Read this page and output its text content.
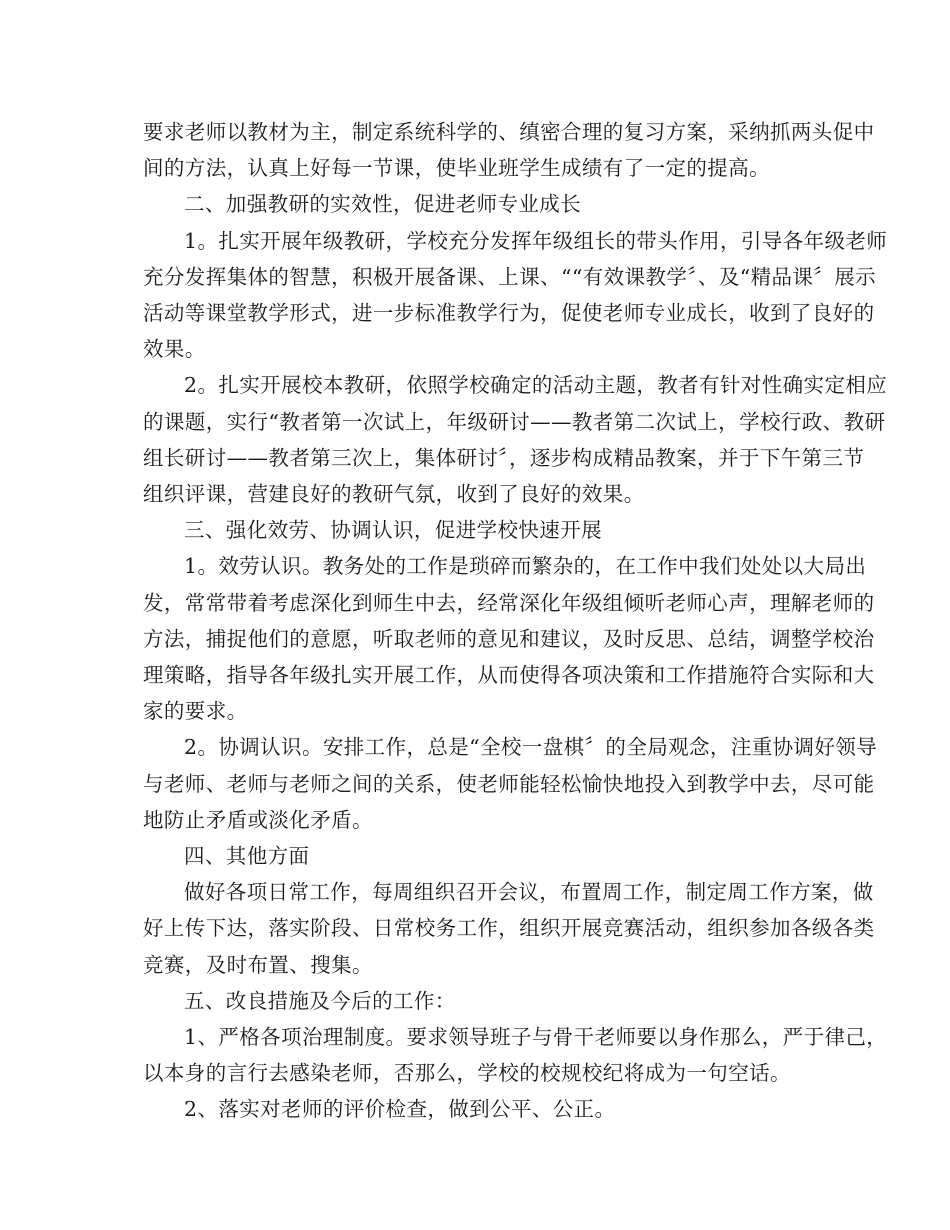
要求老师以教材为主，制定系统科学的、缜密合理的复习方案，采纳抓两头促中
间的方法，认真上好每一节课，使毕业班学生成绩有了一定的提高。
二、加强教研的实效性，促进老师专业成长
1。扎实开展年级教研，学校充分发挥年级组长的带头作用，引导各年级老师
充分发挥集体的智慧，积极开展备课、上课、““有效课教学〞、及“精品课〞展示
活动等课堂教学形式，进一步标准教学行为，促使老师专业成长，收到了良好的
效果。
2。扎实开展校本教研，依照学校确定的活动主题，教者有针对性确实定相应
的课题，实行“教者第一次试上，年级研讨——教者第二次试上，学校行政、教研
组长研讨——教者第三次上，集体研讨〞，逐步构成精品教案，并于下午第三节
组织评课，营建良好的教研气氛，收到了良好的效果。
三、强化效劳、协调认识，促进学校快速开展
1。效劳认识。教务处的工作是琐碎而繁杂的，在工作中我们处处以大局出
发，常常带着考虑深化到师生中去，经常深化年级组倾听老师心声，理解老师的
方法，捕捉他们的意愿，听取老师的意见和建议，及时反思、总结，调整学校治
理策略，指导各年级扎实开展工作，从而使得各项决策和工作措施符合实际和大
家的要求。
2。协调认识。安排工作，总是“全校一盘棋〞的全局观念，注重协调好领导
与老师、老师与老师之间的关系，使老师能轻松愉快地投入到教学中去，尽可能
地防止矛盾或淡化矛盾。
四、其他方面
做好各项日常工作，每周组织召开会议，布置周工作，制定周工作方案，做
好上传下达，落实阶段、日常校务工作，组织开展竞赛活动，组织参加各级各类
竞赛，及时布置、搜集。
五、改良措施及今后的工作：
1、严格各项治理制度。要求领导班子与骨干老师要以身作那么，严于律己，
以本身的言行去感染老师，否那么，学校的校规校纪将成为一句空话。
2、落实对老师的评价检查，做到公平、公正。
